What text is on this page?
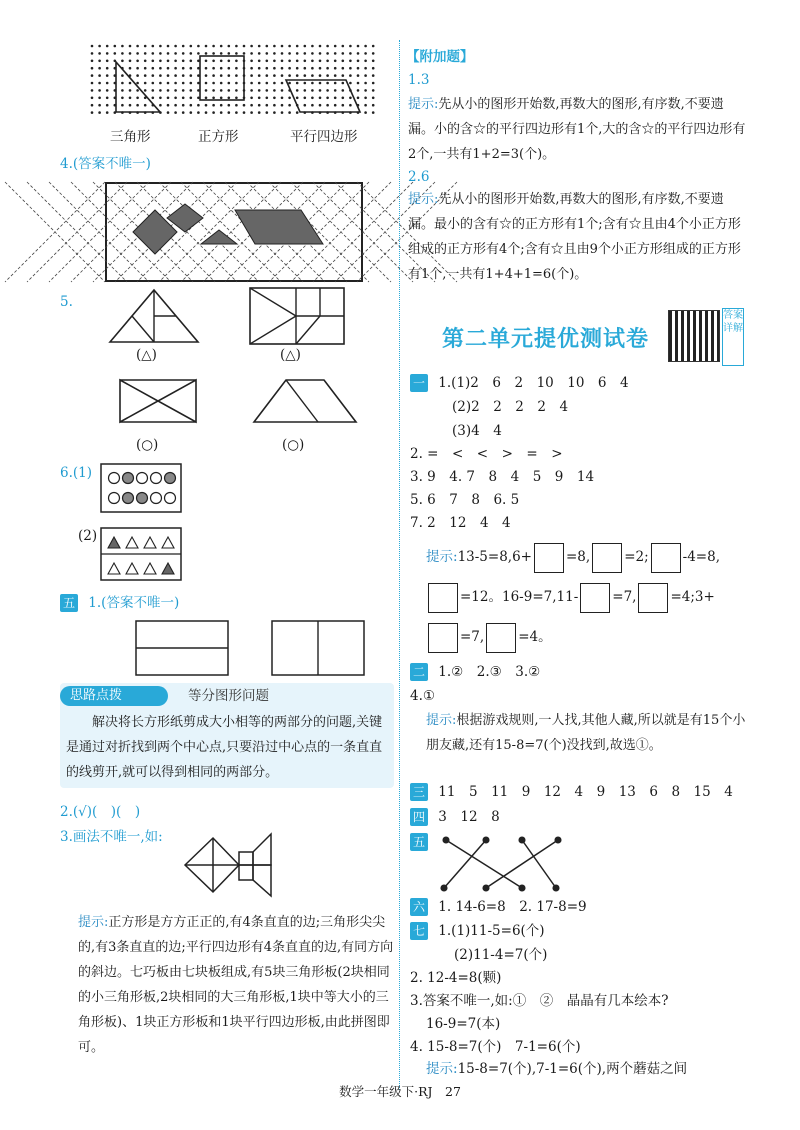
三角形	正方形	平行四边形
4.(答案不唯一)
5.
(△)	(△)
(○)	(○)
6.(1)
(2)
五 1.(答案不唯一)
思路点拨	等分图形问题
解决将长方形纸剪成大小相等的两部分的问题,关键是通过对折找到两个中心点,只要沿过中心点的一条直直的线剪开,就可以得到相同的两部分。
2.(√)(　)(　)
3.画法不唯一,如:
提示:正方形是方方正正的,有4条直直的边;三角形尖尖的,有3条直直的边;平行四边形有4条直直的边,有同方向的斜边。七巧板由七块板组成,有5块三角形板(2块相同的小三角形板,2块相同的大三角形板,1块中等大小的三角形板)、1块正方形板和1块平行四边形板,由此拼图即可。
【附加题】
1.3
提示:先从小的图形开始数,再数大的图形,有序数,不要遗漏。小的含☆的平行四边形有1个,大的含☆的平行四边形有2个,一共有1+2=3(个)。
2.6
提示:先从小的图形开始数,再数大的图形,有序数,不要遗漏。最小的含有☆的正方形有1个;含有☆且由4个小正方形组成的正方形有4个;含有☆且由9个小正方形组成的正方形有1个,一共有1+4+1=6(个)。
第二单元提优测试卷
答案详解
一 1.(1)2　6　2　10　10　6　4
(2)2　2　2　2　4
(3)4　4
2. =　<　<　>　=　>
3. 9　4. 7　8　4　5　9　14
5. 6　7　8　6. 5
7. 2　12　4　4
提示:13-5=8,6+	=8,	=2;	-4=8,
=12。16-9=7,11-	=7,	=4;3+
=7,	=4。
二 1.②　2.③　3.②
4.①
提示:根据游戏规则,一人找,其他人藏,所以就是有15个小朋友藏,还有15-8=7(个)没找到,故选①。
三 11　5　11　9　12　4　9　13　6　8　15　4
四 3　12　8
五
六 1. 14-6=8　2. 17-8=9
七 1.(1)11-5=6(个)
(2)11-4=7(个)
2. 12-4=8(颗)
3.答案不唯一,如:①　②　晶晶有几本绘本?
16-9=7(本)
4. 15-8=7(个)　7-1=6(个)
提示:15-8=7(个),7-1=6(个),两个蘑菇之间
数学一年级下·RJ　27
